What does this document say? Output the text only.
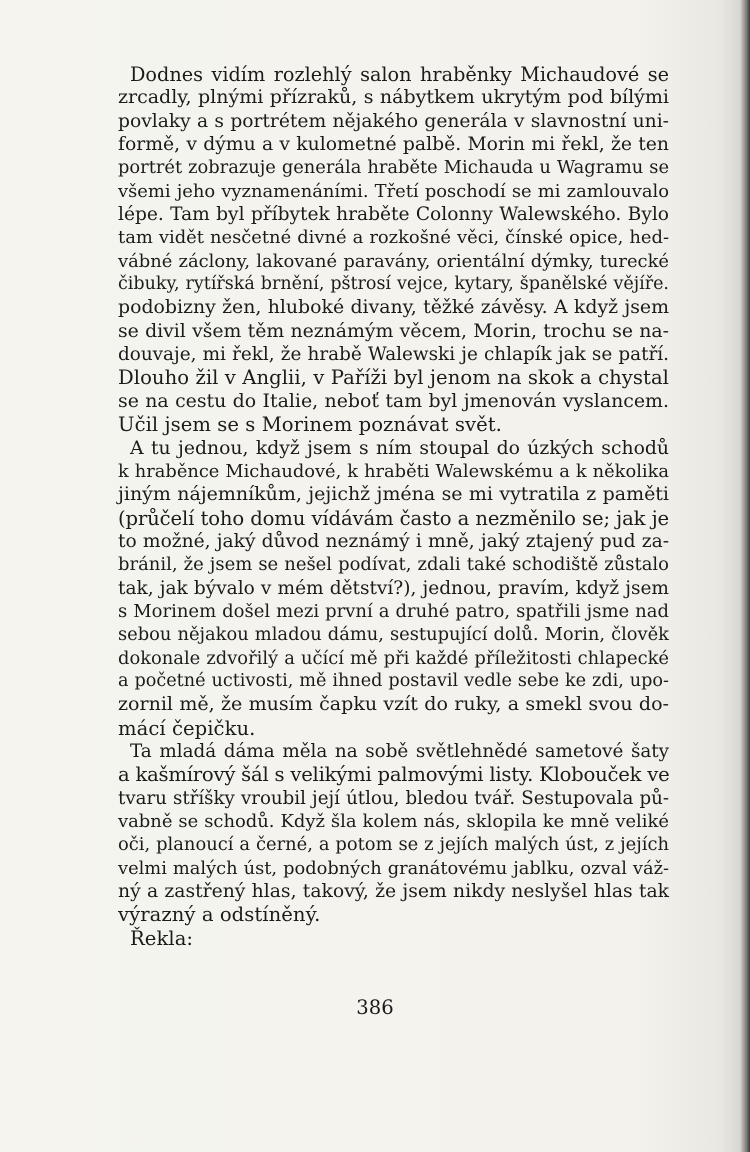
Dodnes vidím rozlehlý salon hraběnky Michaudové se
zrcadly, plnými přízraků, s nábytkem ukrytým pod bílými
povlaky a s portrétem nějakého generála v slavnostní uni-
formě, v dýmu a v kulometné palbě. Morin mi řekl, že ten
portrét zobrazuje generála hraběte Michauda u Wagramu se
všemi jeho vyznamenáními. Třetí poschodí se mi zamlouvalo
lépe. Tam byl příbytek hraběte Colonny Walewského. Bylo
tam vidět nesčetné divné a rozkošné věci, čínské opice, hed-
vábné záclony, lakované paravány, orientální dýmky, turecké
čibuky, rytířská brnění, pštrosí vejce, kytary, španělské vějíře.
podobizny žen, hluboké divany, těžké závěsy. A když jsem
se divil všem těm neznámým věcem, Morin, trochu se na-
douvaje, mi řekl, že hrabě Walewski je chlapík jak se patří.
Dlouho žil v Anglii, v Paříži byl jenom na skok a chystal
se na cestu do Italie, neboť tam byl jmenován vyslancem.
Učil jsem se s Morinem poznávat svět.

A tu jednou, když jsem s ním stoupal do úzkých schodů
k hraběnce Michaudové, k hraběti Walewskému a k několika
jiným nájemníkům, jejichž jména se mi vytratila z paměti
(průčelí toho domu vídávám často a nezměnilo se; jak je
to možné, jaký důvod neznámý i mně, jaký ztajený pud za-
bránil, že jsem se nešel podívat, zdali také schodiště zůstalo
tak, jak bývalo v mém dětství?), jednou, pravím, když jsem
s Morinem došel mezi první a druhé patro, spatřili jsme nad
sebou nějakou mladou dámu, sestupující dolů. Morin, člověk
dokonale zdvořilý a učící mě při každé příležitosti chlapecké
a početné uctivosti, mě ihned postavil vedle sebe ke zdi, upo-
zornil mě, že musím čapku vzít do ruky, a smekl svou do-
mácí čepičku.

Ta mladá dáma měla na sobě světlehnědé sametové šaty
a kašmírový šál s velikými palmovými listy. Klobouček ve
tvaru stříšky vroubil její útlou, bledou tvář. Sestupovala pů-
vabně se schodů. Když šla kolem nás, sklopila ke mně veliké
oči, planoucí a černé, a potom se z jejích malých úst, z jejích
velmi malých úst, podobných granátovému jablku, ozval váž-
ný a zastřený hlas, takový, že jsem nikdy neslyšel hlas tak
výrazný a odstíněný.

Řekla:

386
